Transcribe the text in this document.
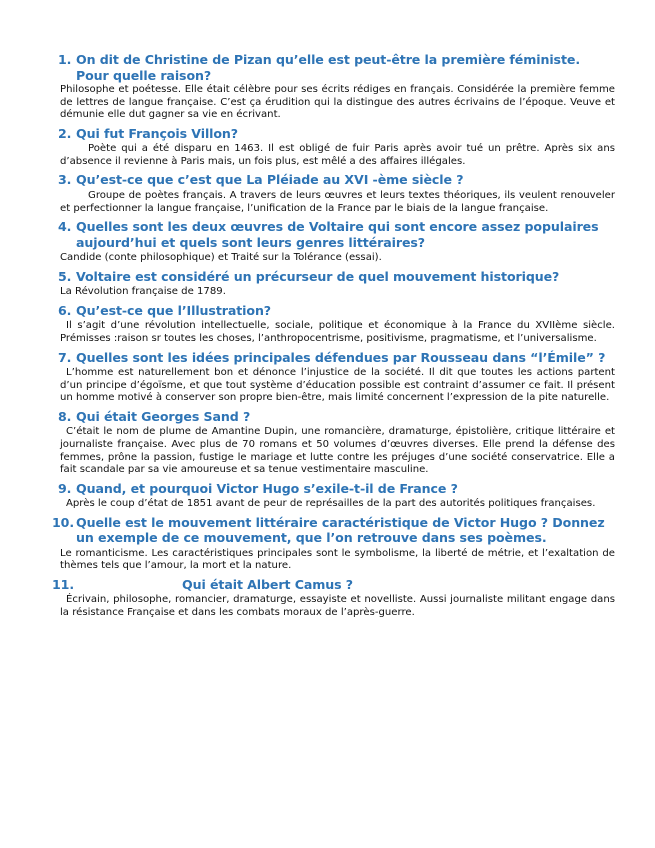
1. On dit de Christine de Pizan qu’elle est peut-être la première féministe. Pour quelle raison?

Philosophe et poétesse. Elle était célèbre pour ses écrits rédiges en français. Considérée la première femme de lettres de langue française. C’est ça érudition qui la distingue des autres écrivains de l’époque. Veuve et démunie elle dut gagner sa vie en écrivant.

2. Qui fut François Villon?

Poète qui a été disparu en 1463. Il est obligé de fuir Paris après avoir tué un prêtre. Après six ans d’absence il revienne à Paris mais, un fois plus, est mêlé a des affaires illégales.

3. Qu’est-ce que c’est que La Pléiade au XVI -ème siècle ?

Groupe de poètes français. A travers de leurs œuvres et leurs textes théoriques, ils veulent renouveler et perfectionner la langue française, l’unification de la France par le biais de la langue française.

4. Quelles sont les deux œuvres de Voltaire qui sont encore assez populaires aujourd’hui et quels sont leurs genres littéraires?

Candide (conte philosophique) et Traité sur la Tolérance (essai).

5. Voltaire est considéré un précurseur de quel mouvement historique?

La Révolution française de 1789.

6. Qu’est-ce que l’Illustration?

Il s’agit d’une révolution intellectuelle, sociale, politique et économique à la France du XVIIème siècle. Prémisses :raison sr toutes les choses, l’anthropocentrisme, positivisme, pragmatisme, et l’universalisme.

7. Quelles sont les idées principales défendues par Rousseau dans “l’Émile” ?

L’homme est naturellement bon et dénonce l’injustice de la société. Il dit que toutes les actions partent d’un principe d’égoïsme, et que tout système d’éducation possible est contraint d’assumer ce fait. Il présent un homme motivé à conserver son propre bien-être, mais limité concernent l’expression de la pite naturelle.

8. Qui était Georges Sand ?

C’était le nom de plume de Amantine Dupin, une romancière, dramaturge, épistolière, critique littéraire et journaliste française. Avec plus de 70 romans et 50 volumes d’œuvres diverses. Elle prend la défense des femmes, prône la passion, fustige le mariage et lutte contre les préjuges d’une société conservatrice. Elle a fait scandale par sa vie amoureuse et sa tenue vestimentaire masculine.

9. Quand, et pourquoi Victor Hugo s’exile-t-il de France ?

Après le coup d’état de 1851 avant de peur de représailles de la part des autorités politiques françaises.

10. Quelle est le mouvement littéraire caractéristique de Victor Hugo ? Donnez un exemple de ce mouvement, que l’on retrouve dans ses poèmes.

Le romanticisme. Les caractéristiques principales sont le symbolisme, la liberté de métrie, et l’exaltation de thèmes tels que l’amour, la mort et la nature.

11.	Qui était Albert Camus ?

Écrivain, philosophe, romancier, dramaturge, essayiste et novelliste. Aussi journaliste militant engage dans la résistance Française et dans les combats moraux de l’après-guerre.
